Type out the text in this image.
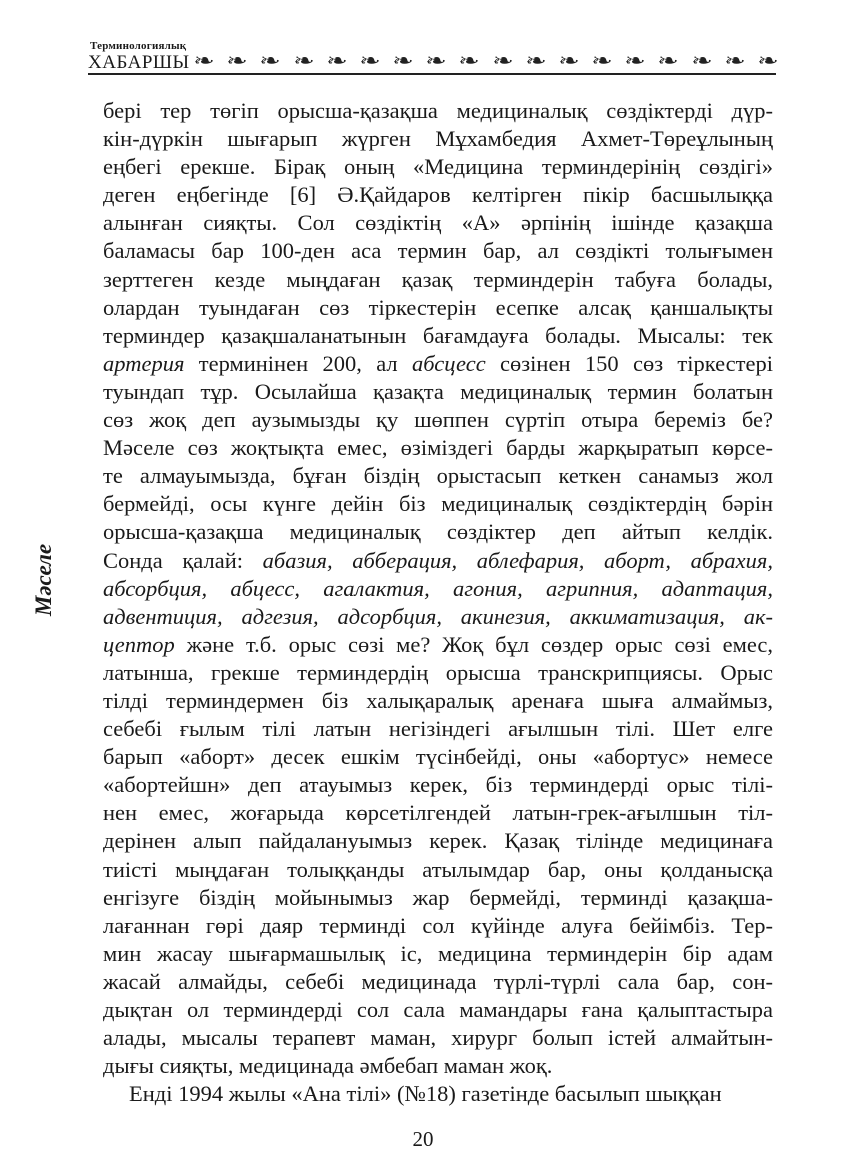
Терминологиялық
ХАБАРШЫ ❧ ❧ ❧ ❧ ❧ ❧ ❧ ❧ ❧ ❧ ❧ ❧ ❧ ❧ ❧ ❧ ❧ ❧
Мәселе
берi тер төгiп орысша-қазақша медициналық сөздiктердi дүр-
кiн-дүркiн шығарып жүрген Мұхамбедия Ахмет-Төреұлының
еңбегi ерекше. Бiрақ оның «Медицина терминдерiнiң сөздiгi»
деген еңбегiнде [6] Ә.Қайдаров келтiрген пiкiр басшылыққа
алынған сияқты. Сол сөздiктiң «А» әрпiнiң iшiнде қазақша
баламасы бар 100-ден аса термин бар, ал сөздiктi толығымен
зерттеген кезде мыңдаған қазақ терминдерiн табуға болады,
олардан туындаған сөз тiркестерiн есепке алсақ қаншалықты
терминдер қазақшаланатынын бағамдауға болады. Мысалы: тек
артерия терминiнен 200, ал абсцесс сөзiнен 150 сөз тiркестерi
туындап тұр. Осылайша қазақта медициналық термин болатын
сөз жоқ деп аузымызды қу шөппен сүртiп отыра беремiз бе?
Мәселе сөз жоқтықта емес, өзiмiздегi барды жарқыратып көрсе-
те алмауымызда, бұған бiздiң орыстасып кеткен санамыз жол
бермейдi, осы күнге дейiн бiз медициналық сөздiктердiң бәрiн
орысша-қазақша медициналық сөздiктер деп айтып келдiк.
Сонда қалай: абазия, абберация, аблефария, аборт, абрахия,
абсорбция, абцесс, агалактия, агония, агрипния, адаптация,
адвентиция, адгезия, адсорбция, акинезия, аккиматизация, ак-
цептор және т.б. орыс сөзi ме? Жоқ бұл сөздер орыс сөзi емес,
латынша, грекше терминдердiң орысша транскрипциясы. Орыс
тiлдi терминдермен бiз халықаралық аренаға шыға алмаймыз,
себебi ғылым тiлi латын негiзiндегi ағылшын тiлi. Шет елге
барып «аборт» десек ешкiм түсiнбейдi, оны «абортус» немесе
«абортейшн» деп атауымыз керек, бiз терминдердi орыс тiлi-
нен емес, жоғарыда көрсетiлгендей латын-грек-ағылшын тiл-
дерiнен алып пайдалануымыз керек. Қазақ тiлiнде медицинаға
тиiстi мыңдаған толыққанды атылымдар бар, оны қолданысқа
енгiзуге бiздiң мойынымыз жар бермейдi, терминдi қазақша-
лағаннан гөрi даяр терминдi сол күйiнде алуға бейiмбiз. Тер-
мин жасау шығармашылық iс, медицина терминдерiн бiр адам
жасай алмайды, себебi медицинада түрлi-түрлi сала бар, сон-
дықтан ол терминдердi сол сала мамандары ғана қалыптастыра
алады, мысалы терапевт маман, хирург болып iстей алмайтын-
дығы сияқты, медицинада әмбебап маман жоқ.
Ендi 1994 жылы «Ана тiлi» (№18) газетiнде басылып шыққан
20
